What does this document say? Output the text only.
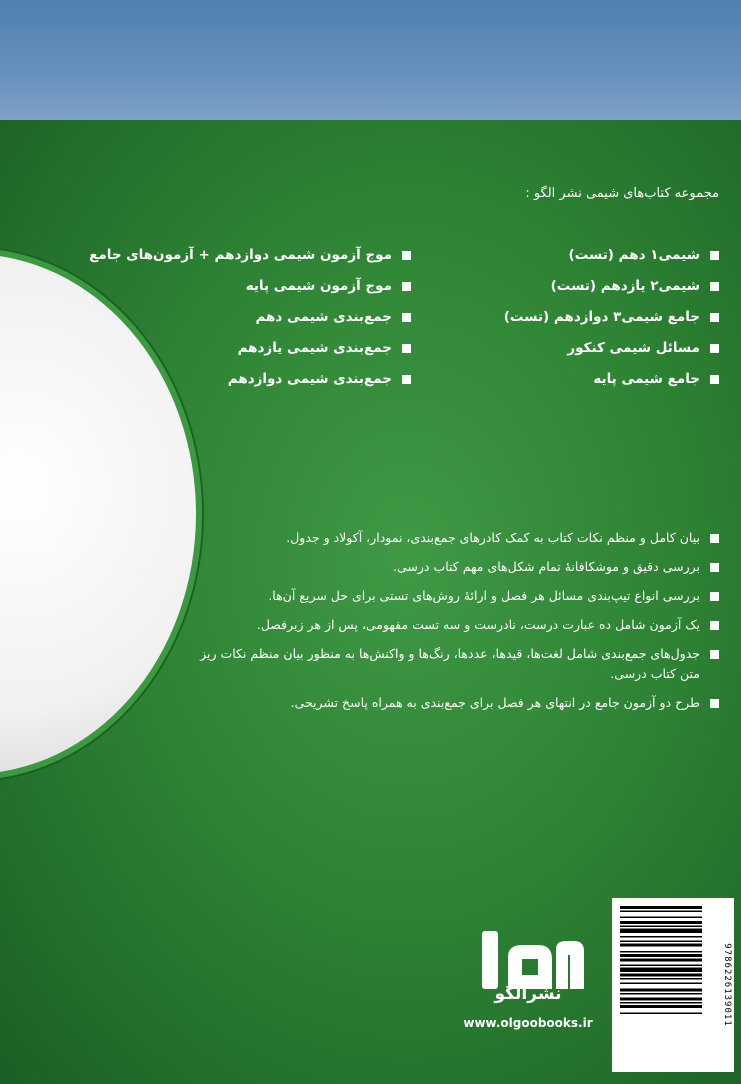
مجموعه کتاب‌های شیمی نشر الگو :
شیمی۱ دهم (تست)
شیمی۲ یازدهم (تست)
جامع شیمی۳ دوازدهم (تست)
مسائل شیمی کنکور
جامع شیمی پایه
موج آزمون شیمی دوازدهم + آزمون‌های جامع
موج آزمون شیمی پایه
جمع‌بندی شیمی دهم
جمع‌بندی شیمی یازدهم
جمع‌بندی شیمی دوازدهم
بیان کامل و منظم نکات کتاب به کمک کادرهای جمع‌بندی، نمودار، آکولاد و جدول.
بررسی دقیق و موشکافانهٔ تمام شکل‌های مهم کتاب درسی.
بررسی انواع تیپ‌بندی مسائل هر فصل و ارائهٔ روش‌های تستی برای حل سریع آن‌ها.
یک آزمون شامل ده عبارت درست، نادرست و سه تست مفهومی، پس از هر زیرفصل.
جدول‌های جمع‌بندی شامل لغت‌ها، قیدها، عددها، رنگ‌ها و واکنش‌ها به منظور بیان منظم نکات ریز متن کتاب درسی.
طرح دو آزمون جامع در انتهای هر فصل برای جمع‌بندی به همراه پاسخ تشریحی.
نشرالگو
www.olgoobooks.ir	9786226139011
